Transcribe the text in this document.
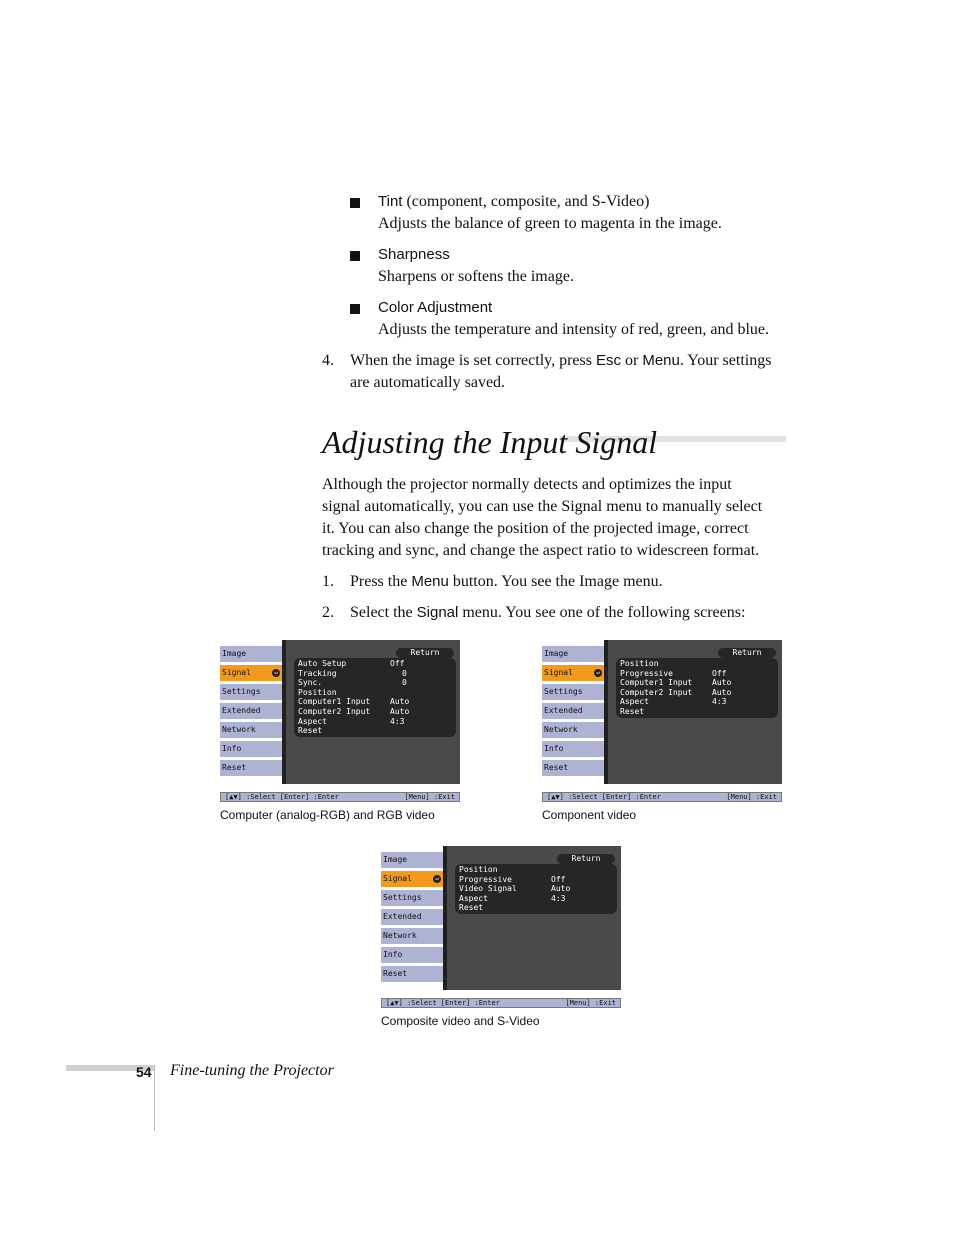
Tint (component, composite, and S-Video)
Adjusts the balance of green to magenta in the image.
Sharpness
Sharpens or softens the image.
Color Adjustment
Adjusts the temperature and intensity of red, green, and blue.
4. When the image is set correctly, press Esc or Menu. Your settings
are automatically saved.
Adjusting the Input Signal
Although the projector normally detects and optimizes the input
signal automatically, you can use the Signal menu to manually select
it. You can also change the position of the projected image, correct
tracking and sync, and change the aspect ratio to widescreen format.
1. Press the Menu button. You see the Image menu.
2. Select the Signal menu. You see one of the following screens:
Image
Signal	↵
Settings
Extended
Network
Info
Reset
Return
Auto Setup	Off
Tracking	0
Sync.	0
Position
Computer1 Input Auto
Computer2 Input Auto
Aspect	4:3
Reset
[▲▼] :Select [Enter] :Enter	[Menu] :Exit
Computer (analog-RGB) and RGB video
Image
Signal	↵
Settings
Extended
Network
Info
Reset
Return
Position
Progressive	Off
Computer1 Input Auto
Computer2 Input Auto
Aspect	4:3
Reset
[▲▼] :Select [Enter] :Enter	[Menu] :Exit
Component video
Image
Signal	↵
Settings
Extended
Network
Info
Reset
Return
Position
Progressive	Off
Video Signal	Auto
Aspect	4:3
Reset
[▲▼] :Select [Enter] :Enter	[Menu] :Exit
Composite video and S-Video
54 Fine-tuning the Projector
